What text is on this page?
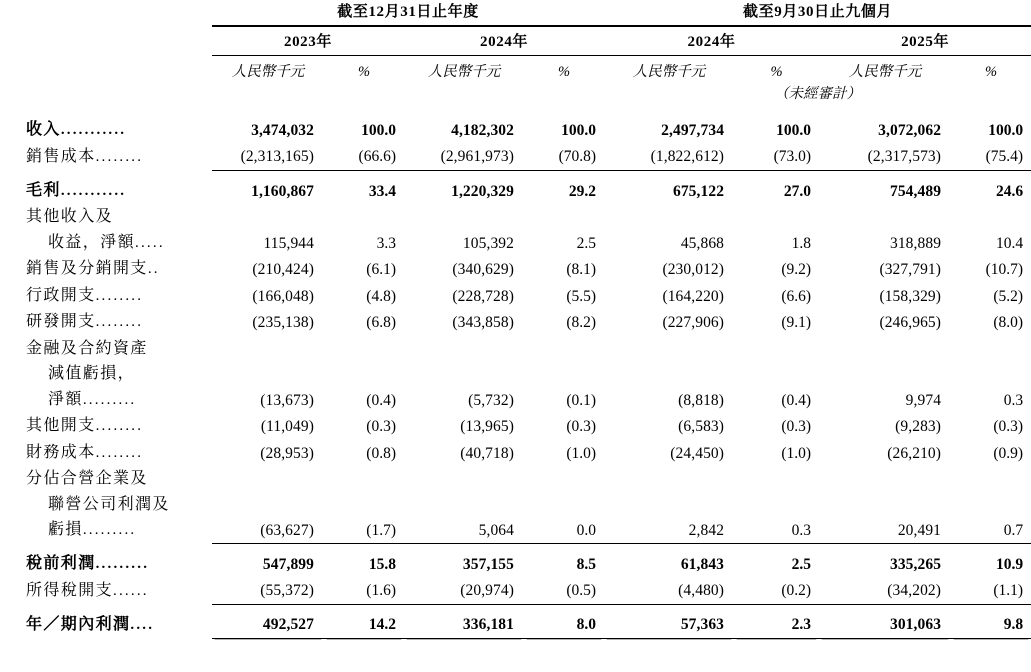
	截至12月31日止年度				截至9月30日止九個月			
	2023年		2024年		2024年		2025年	
	人民幣千元	%	人民幣千元	%	人民幣千元	%	人民幣千元	%
					（未經審計）			

收入...........	3,474,032	100.0	4,182,302	100.0	2,497,734	100.0	3,072,062	100.0
銷售成本........	(2,313,165)	(66.6)	(2,961,973)	(70.8)	(1,822,612)	(73.0)	(2,317,573)	(75.4)

毛利...........	1,160,867	33.4	1,220,329	29.2	675,122	27.0	754,489	24.6
其他收入及								
收益，淨額.....	115,944	3.3	105,392	2.5	45,868	1.8	318,889	10.4
銷售及分銷開支..	(210,424)	(6.1)	(340,629)	(8.1)	(230,012)	(9.2)	(327,791)	(10.7)
行政開支........	(166,048)	(4.8)	(228,728)	(5.5)	(164,220)	(6.6)	(158,329)	(5.2)
研發開支........	(235,138)	(6.8)	(343,858)	(8.2)	(227,906)	(9.1)	(246,965)	(8.0)
金融及合約資產								
減值虧損，								
淨額.........	(13,673)	(0.4)	(5,732)	(0.1)	(8,818)	(0.4)	9,974	0.3
其他開支........	(11,049)	(0.3)	(13,965)	(0.3)	(6,583)	(0.3)	(9,283)	(0.3)
財務成本........	(28,953)	(0.8)	(40,718)	(1.0)	(24,450)	(1.0)	(26,210)	(0.9)
分佔合營企業及								
聯營公司利潤及								
虧損.........	(63,627)	(1.7)	5,064	0.0	2,842	0.3	20,491	0.7

稅前利潤.........	547,899	15.8	357,155	8.5	61,843	2.5	335,265	10.9
所得稅開支......	(55,372)	(1.6)	(20,974)	(0.5)	(4,480)	(0.2)	(34,202)	(1.1)

年／期內利潤....	492,527	14.2	336,181	8.0	57,363	2.3	301,063	9.8
